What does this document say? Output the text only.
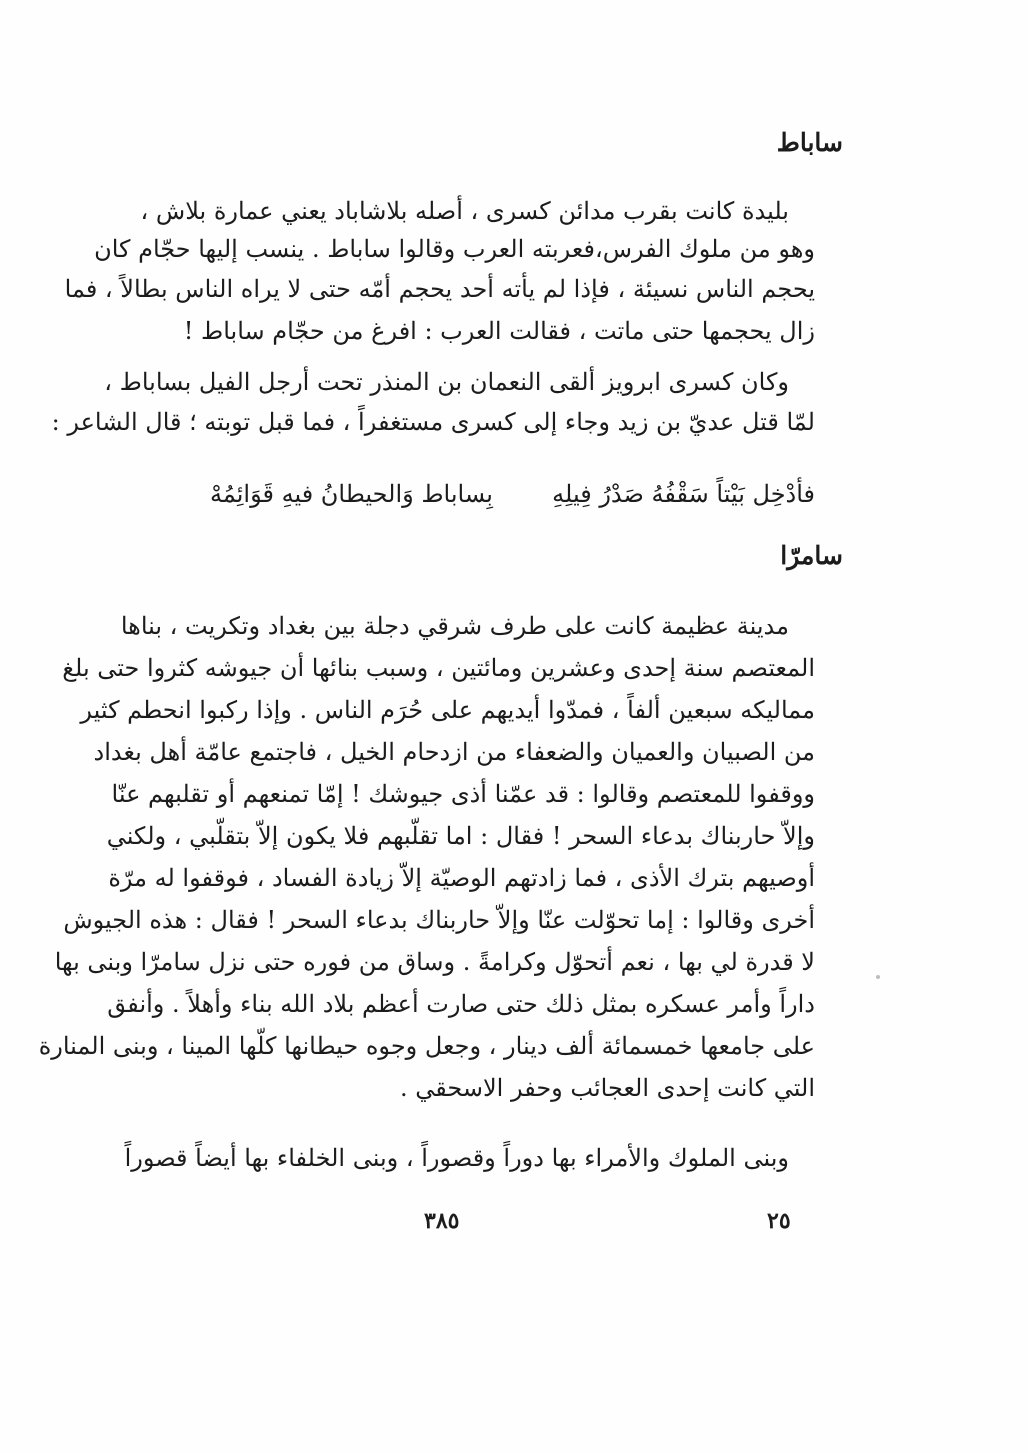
ساباط
بليدة كانت بقرب مدائن كسرى ، أصله بلاشاباد يعني عمارة بلاش ،
وهو من ملوك الفرس،فعربته العرب وقالوا ساباط . ينسب إليها حجّام كان
يحجم الناس نسيئة ، فإذا لم يأته أحد يحجم أمّه حتى لا يراه الناس بطالاً ، فما
زال يحجمها حتى ماتت ، فقالت العرب : افرغ من حجّام ساباط !
وكان كسرى ابرويز ألقى النعمان بن المنذر تحت أرجل الفيل بساباط ،
لمّا قتل عديّ بن زيد وجاء إلى كسرى مستغفراً ، فما قبل توبته ؛ قال الشاعر :
فأدْخِل بَيْتاً سَقْفُهُ صَدْرُ فِيلِهِ
بِساباط وَالحيطانُ فيهِ قَوَائِمُهْ
سامرّا
مدينة عظيمة كانت على طرف شرقي دجلة بين بغداد وتكريت ، بناها
المعتصم سنة إحدى وعشرين ومائتين ، وسبب بنائها أن جيوشه كثروا حتى بلغ
مماليكه سبعين ألفاً ، فمدّوا أيديهم على حُرَم الناس . وإذا ركبوا انحطم كثير
من الصبيان والعميان والضعفاء من ازدحام الخيل ، فاجتمع عامّة أهل بغداد
ووقفوا للمعتصم وقالوا : قد عمّنا أذى جيوشك ! إمّا تمنعهم أو تقلبهم عنّا
وإلاّ حاربناك بدعاء السحر ! فقال : اما تقلّبهم فلا يكون إلاّ بتقلّبي ، ولكني
أوصيهم بترك الأذى ، فما زادتهم الوصيّة إلاّ زيادة الفساد ، فوقفوا له مرّة
أخرى وقالوا : إما تحوّلت عنّا وإلاّ حاربناك بدعاء السحر ! فقال : هذه الجيوش
لا قدرة لي بها ، نعم أتحوّل وكرامةً . وساق من فوره حتى نزل سامرّا وبنى بها
داراً وأمر عسكره بمثل ذلك حتى صارت أعظم بلاد الله بناء وأهلاً . وأنفق
على جامعها خمسمائة ألف دينار ، وجعل وجوه حيطانها كلّها المينا ، وبنى المنارة
التي كانت إحدى العجائب وحفر الاسحقي .
وبنى الملوك والأمراء بها دوراً وقصوراً ، وبنى الخلفاء بها أيضاً قصوراً
٣٨٥	٢٥
